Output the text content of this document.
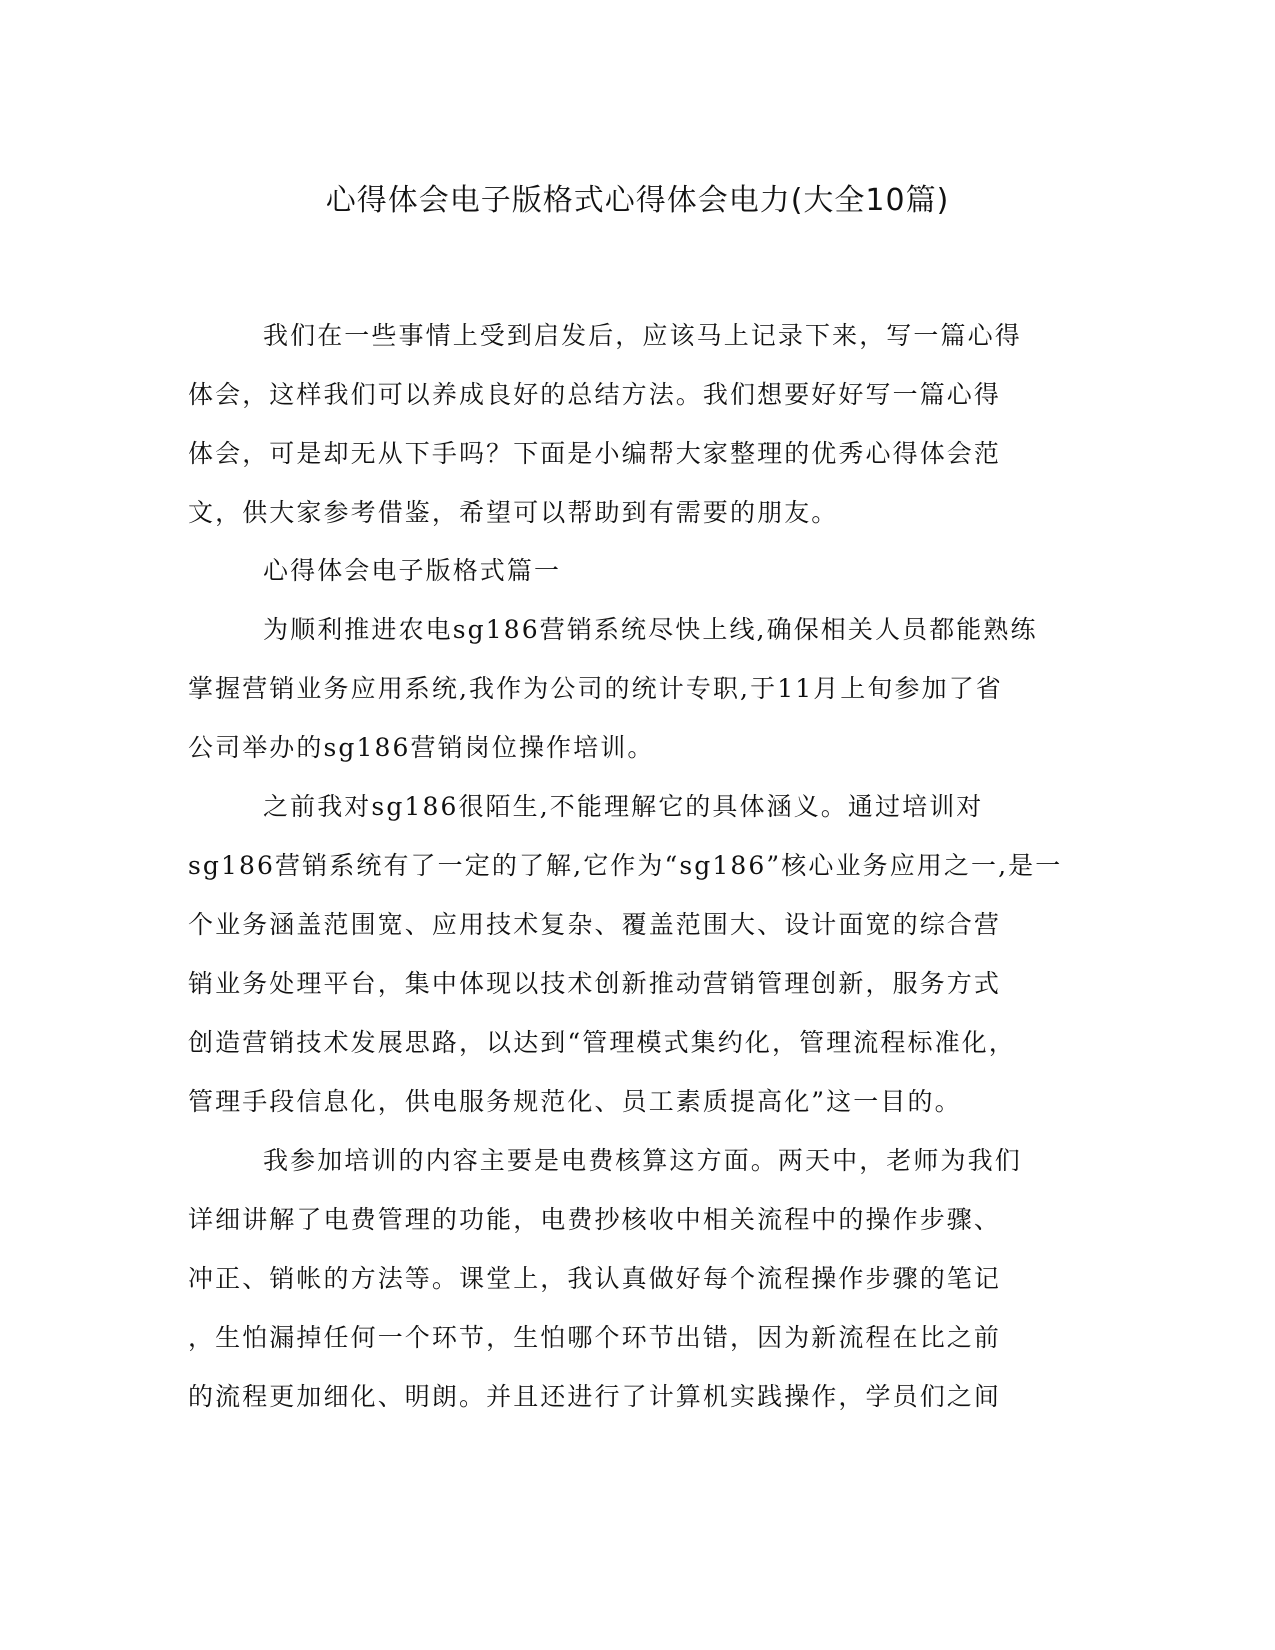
心得体会电子版格式心得体会电力(大全10篇)
我们在一些事情上受到启发后，应该马上记录下来，写一篇心得
体会，这样我们可以养成良好的总结方法。我们想要好好写一篇心得
体会，可是却无从下手吗？下面是小编帮大家整理的优秀心得体会范
文，供大家参考借鉴，希望可以帮助到有需要的朋友。
心得体会电子版格式篇一
为顺利推进农电sg186营销系统尽快上线,确保相关人员都能熟练
掌握营销业务应用系统,我作为公司的统计专职,于11月上旬参加了省
公司举办的sg186营销岗位操作培训。
之前我对sg186很陌生,不能理解它的具体涵义。通过培训对
sg186营销系统有了一定的了解,它作为“sg186”核心业务应用之一,是一
个业务涵盖范围宽、应用技术复杂、覆盖范围大、设计面宽的综合营
销业务处理平台，集中体现以技术创新推动营销管理创新，服务方式
创造营销技术发展思路，以达到“管理模式集约化，管理流程标准化，
管理手段信息化，供电服务规范化、员工素质提高化”这一目的。
我参加培训的内容主要是电费核算这方面。两天中，老师为我们
详细讲解了电费管理的功能，电费抄核收中相关流程中的操作步骤、
冲正、销帐的方法等。课堂上，我认真做好每个流程操作步骤的笔记
，生怕漏掉任何一个环节，生怕哪个环节出错，因为新流程在比之前
的流程更加细化、明朗。并且还进行了计算机实践操作，学员们之间
